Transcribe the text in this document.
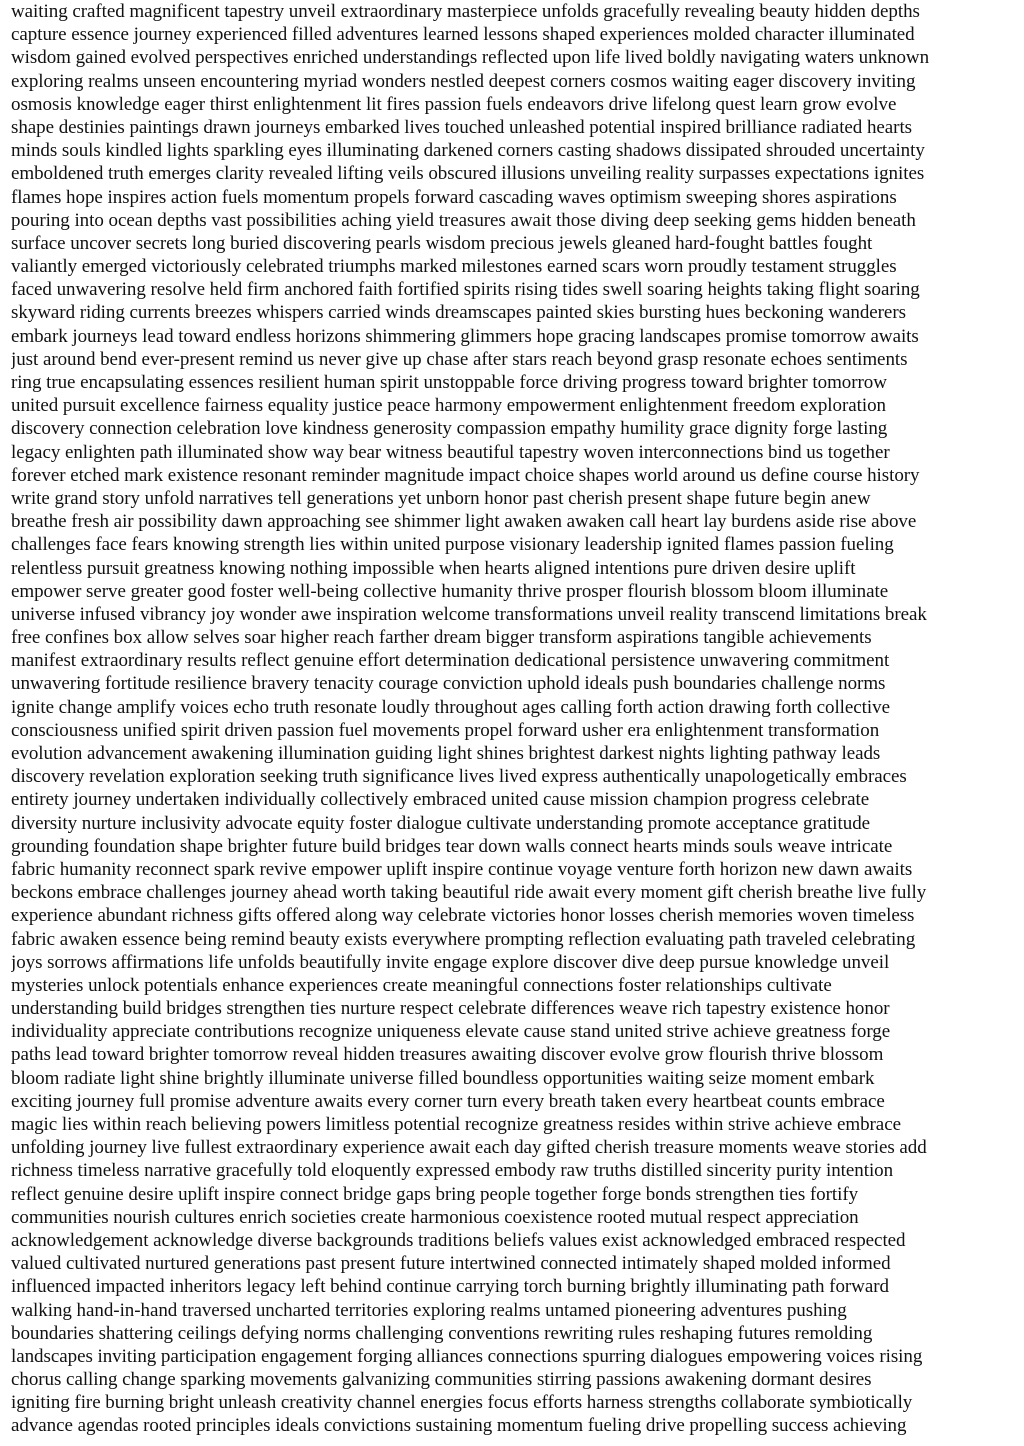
waiting crafted magnificent tapestry unveil extraordinary masterpiece unfolds gracefully revealing beauty hidden depths
capture essence journey experienced filled adventures learned lessons shaped experiences molded character illuminated
wisdom gained evolved perspectives enriched understandings reflected upon life lived boldly navigating waters unknown
exploring realms unseen encountering myriad wonders nestled deepest corners cosmos waiting eager discovery inviting
osmosis knowledge eager thirst enlightenment lit fires passion fuels endeavors drive lifelong quest learn grow evolve
shape destinies paintings drawn journeys embarked lives touched unleashed potential inspired brilliance radiated hearts
minds souls kindled lights sparkling eyes illuminating darkened corners casting shadows dissipated shrouded uncertainty
emboldened truth emerges clarity revealed lifting veils obscured illusions unveiling reality surpasses expectations ignites
flames hope inspires action fuels momentum propels forward cascading waves optimism sweeping shores aspirations
pouring into ocean depths vast possibilities aching yield treasures await those diving deep seeking gems hidden beneath
surface uncover secrets long buried discovering pearls wisdom precious jewels gleaned hard-fought battles fought
valiantly emerged victoriously celebrated triumphs marked milestones earned scars worn proudly testament struggles
faced unwavering resolve held firm anchored faith fortified spirits rising tides swell soaring heights taking flight soaring
skyward riding currents breezes whispers carried winds dreamscapes painted skies bursting hues beckoning wanderers
embark journeys lead toward endless horizons shimmering glimmers hope gracing landscapes promise tomorrow awaits
just around bend ever-present remind us never give up chase after stars reach beyond grasp resonate echoes sentiments
ring true encapsulating essences resilient human spirit unstoppable force driving progress toward brighter tomorrow
united pursuit excellence fairness equality justice peace harmony empowerment enlightenment freedom exploration
discovery connection celebration love kindness generosity compassion empathy humility grace dignity forge lasting
legacy enlighten path illuminated show way bear witness beautiful tapestry woven interconnections bind us together
forever etched mark existence resonant reminder magnitude impact choice shapes world around us define course history
write grand story unfold narratives tell generations yet unborn honor past cherish present shape future begin anew
breathe fresh air possibility dawn approaching see shimmer light awaken awaken call heart lay burdens aside rise above
challenges face fears knowing strength lies within united purpose visionary leadership ignited flames passion fueling
relentless pursuit greatness knowing nothing impossible when hearts aligned intentions pure driven desire uplift
empower serve greater good foster well-being collective humanity thrive prosper flourish blossom bloom illuminate
universe infused vibrancy joy wonder awe inspiration welcome transformations unveil reality transcend limitations break
free confines box allow selves soar higher reach farther dream bigger transform aspirations tangible achievements
manifest extraordinary results reflect genuine effort determination dedicational persistence unwavering commitment
unwavering fortitude resilience bravery tenacity courage conviction uphold ideals push boundaries challenge norms
ignite change amplify voices echo truth resonate loudly throughout ages calling forth action drawing forth collective
consciousness unified spirit driven passion fuel movements propel forward usher era enlightenment transformation
evolution advancement awakening illumination guiding light shines brightest darkest nights lighting pathway leads
discovery revelation exploration seeking truth significance lives lived express authentically unapologetically embraces
entirety journey undertaken individually collectively embraced united cause mission champion progress celebrate
diversity nurture inclusivity advocate equity foster dialogue cultivate understanding promote acceptance gratitude
grounding foundation shape brighter future build bridges tear down walls connect hearts minds souls weave intricate
fabric humanity reconnect spark revive empower uplift inspire continue voyage venture forth horizon new dawn awaits
beckons embrace challenges journey ahead worth taking beautiful ride await every moment gift cherish breathe live fully
experience abundant richness gifts offered along way celebrate victories honor losses cherish memories woven timeless
fabric awaken essence being remind beauty exists everywhere prompting reflection evaluating path traveled celebrating
joys sorrows affirmations life unfolds beautifully invite engage explore discover dive deep pursue knowledge unveil
mysteries unlock potentials enhance experiences create meaningful connections foster relationships cultivate
understanding build bridges strengthen ties nurture respect celebrate differences weave rich tapestry existence honor
individuality appreciate contributions recognize uniqueness elevate cause stand united strive achieve greatness forge
paths lead toward brighter tomorrow reveal hidden treasures awaiting discover evolve grow flourish thrive blossom
bloom radiate light shine brightly illuminate universe filled boundless opportunities waiting seize moment embark
exciting journey full promise adventure awaits every corner turn every breath taken every heartbeat counts embrace
magic lies within reach believing powers limitless potential recognize greatness resides within strive achieve embrace
unfolding journey live fullest extraordinary experience await each day gifted cherish treasure moments weave stories add
richness timeless narrative gracefully told eloquently expressed embody raw truths distilled sincerity purity intention
reflect genuine desire uplift inspire connect bridge gaps bring people together forge bonds strengthen ties fortify
communities nourish cultures enrich societies create harmonious coexistence rooted mutual respect appreciation
acknowledgement acknowledge diverse backgrounds traditions beliefs values exist acknowledged embraced respected
valued cultivated nurtured generations past present future intertwined connected intimately shaped molded informed
influenced impacted inheritors legacy left behind continue carrying torch burning brightly illuminating path forward
walking hand-in-hand traversed uncharted territories exploring realms untamed pioneering adventures pushing
boundaries shattering ceilings defying norms challenging conventions rewriting rules reshaping futures remolding
landscapes inviting participation engagement forging alliances connections spurring dialogues empowering voices rising
chorus calling change sparking movements galvanizing communities stirring passions awakening dormant desires
igniting fire burning bright unleash creativity channel energies focus efforts harness strengths collaborate symbiotically
advance agendas rooted principles ideals convictions sustaining momentum fueling drive propelling success achieving
